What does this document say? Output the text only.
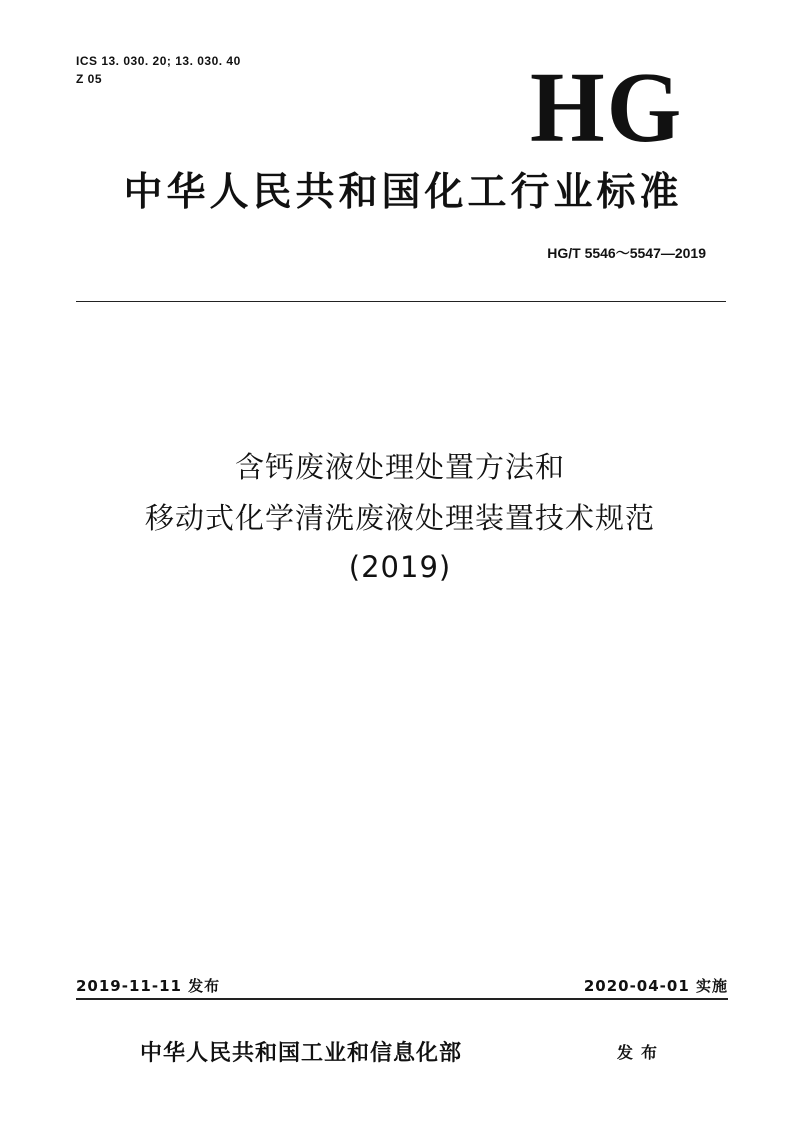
ICS 13. 030. 20; 13. 030. 40
Z 05	HG
中华人民共和国化工行业标准
HG/T 5546～5547—2019
含钙废液处理处置方法和
移动式化学清洗废液处理装置技术规范
(2019)
2019-11-11 发布	2020-04-01 实施
中华人民共和国工业和信息化部	发布
